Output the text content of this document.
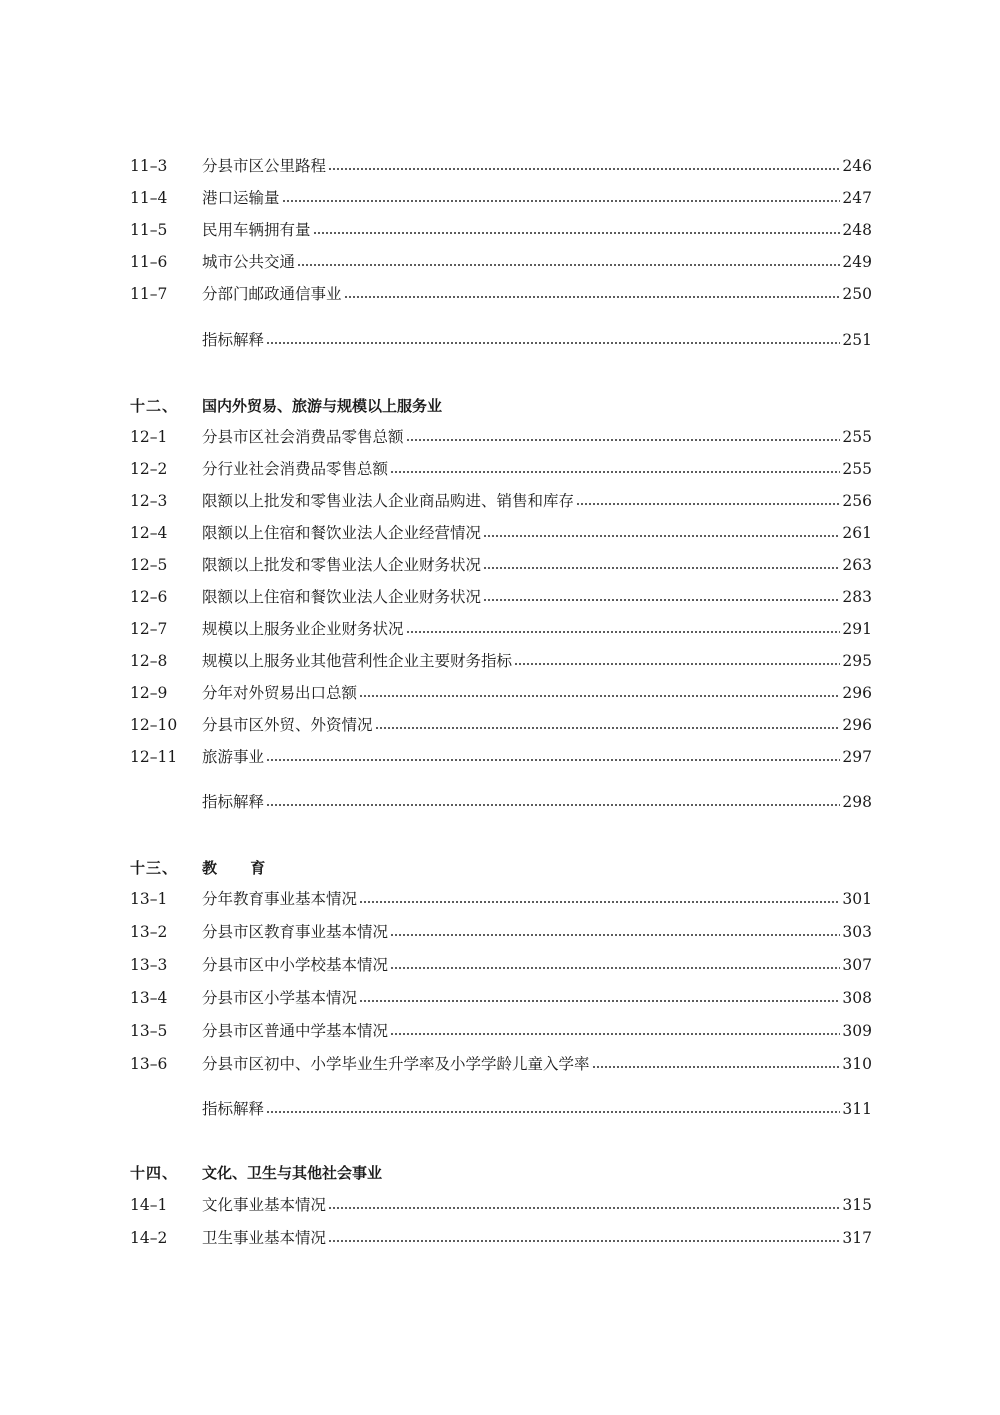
11–3	分县市区公里路程	246
11–4	港口运输量	247
11–5	民用车辆拥有量	248
11–6	城市公共交通	249
11–7	分部门邮政通信事业	250
指标解释	251
十二、	国内外贸易、旅游与规模以上服务业
12–1	分县市区社会消费品零售总额	255
12–2	分行业社会消费品零售总额	255
12–3	限额以上批发和零售业法人企业商品购进、销售和库存	256
12–4	限额以上住宿和餐饮业法人企业经营情况	261
12–5	限额以上批发和零售业法人企业财务状况	263
12–6	限额以上住宿和餐饮业法人企业财务状况	283
12–7	规模以上服务业企业财务状况	291
12–8	规模以上服务业其他营利性企业主要财务指标	295
12–9	分年对外贸易出口总额	296
12–10	分县市区外贸、外资情况	296
12–11	旅游事业	297
指标解释	298
十三、	教 育
13–1	分年教育事业基本情况	301
13–2	分县市区教育事业基本情况	303
13–3	分县市区中小学校基本情况	307
13–4	分县市区小学基本情况	308
13–5	分县市区普通中学基本情况	309
13–6	分县市区初中、小学毕业生升学率及小学学龄儿童入学率	310
指标解释	311
十四、	文化、卫生与其他社会事业
14–1	文化事业基本情况	315
14–2	卫生事业基本情况	317
